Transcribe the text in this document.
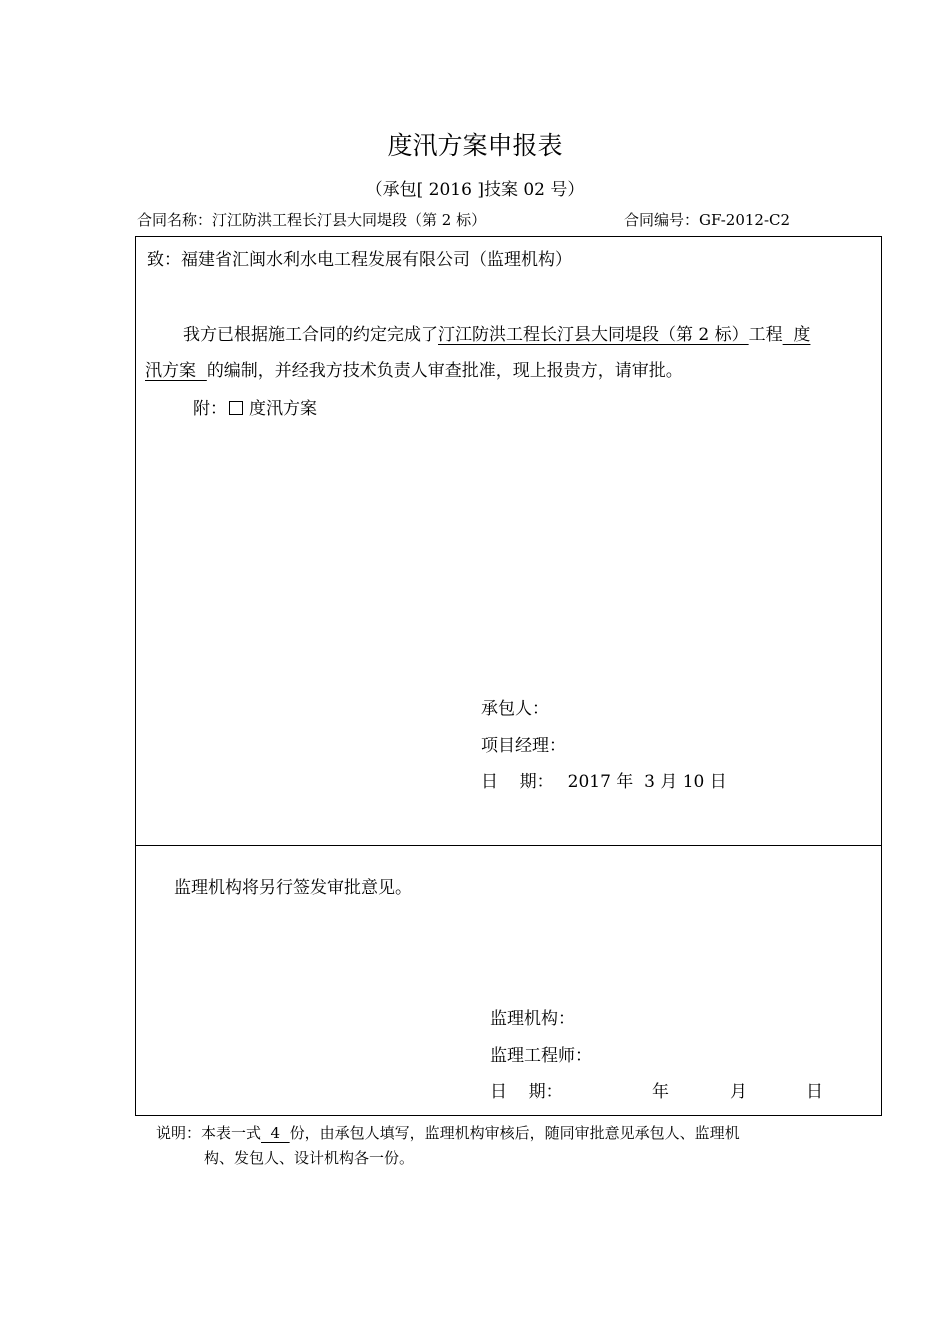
度汛方案申报表
（承包[ 2016 ]技案 02 号）
合同名称：汀江防洪工程长汀县大同堤段（第 2 标）	合同编号：GF-2012-C2
致：福建省汇闽水利水电工程发展有限公司（监理机构）
我方已根据施工合同的约定完成了汀江防洪工程长汀县大同堤段（第 2 标）工程  度
汛方案  的编制，并经我方技术负责人审查批准，现上报贵方，请审批。
附： 度汛方案
承包人：
项目经理：
日    期： 2017 年  3 月 10 日
监理机构将另行签发审批意见。
监理机构：
监理工程师：
日    期：	年	月	日
说明：本表一式  4  份，由承包人填写，监理机构审核后，随同审批意见承包人、监理机
构、发包人、设计机构各一份。
